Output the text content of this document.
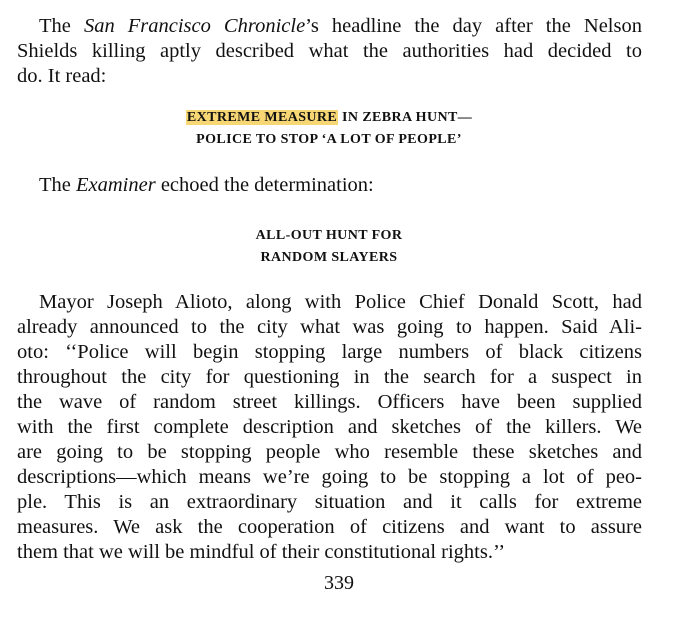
The San Francisco Chronicle’s headline the day after the Nelson
Shields killing aptly described what the authorities had decided to
do. It read:

EXTREME MEASURE IN ZEBRA HUNT—
POLICE TO STOP ‘A LOT OF PEOPLE’

The Examiner echoed the determination:

ALL-OUT HUNT FOR
RANDOM SLAYERS

Mayor Joseph Alioto, along with Police Chief Donald Scott, had
already announced to the city what was going to happen. Said Ali-
oto: ‘‘Police will begin stopping large numbers of black citizens
throughout the city for questioning in the search for a suspect in
the wave of random street killings. Officers have been supplied
with the first complete description and sketches of the killers. We
are going to be stopping people who resemble these sketches and
descriptions—which means we’re going to be stopping a lot of peo-
ple. This is an extraordinary situation and it calls for extreme
measures. We ask the cooperation of citizens and want to assure
them that we will be mindful of their constitutional rights.’’

339
